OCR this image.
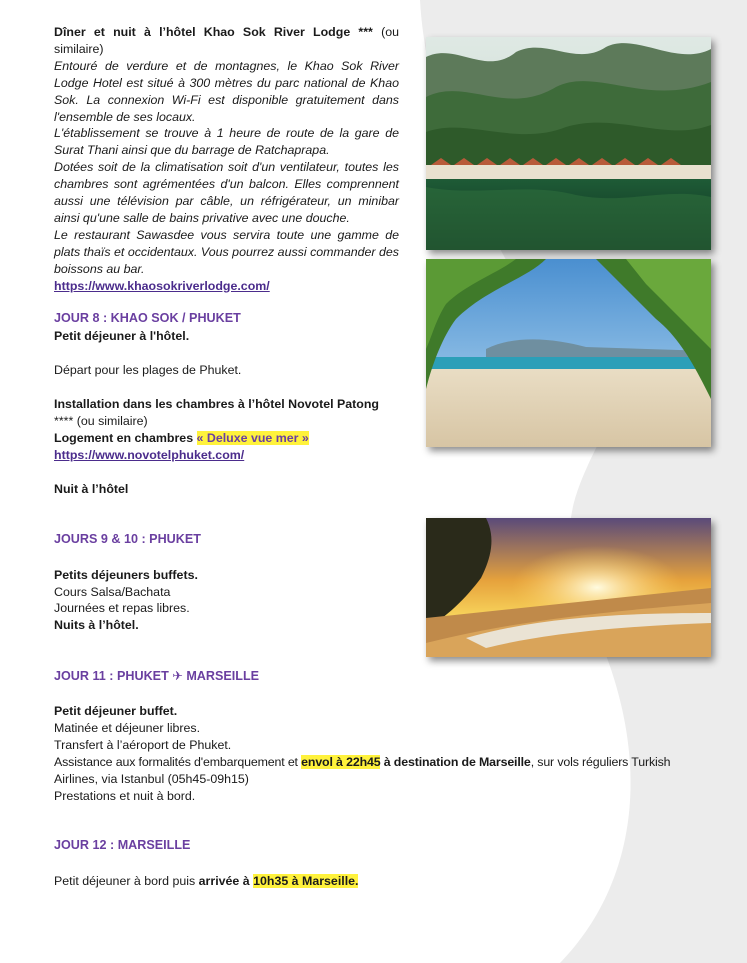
Dîner et nuit à l’hôtel Khao Sok River Lodge *** (ou similaire)
Entouré de verdure et de montagnes, le Khao Sok River Lodge Hotel est situé à 300 mètres du parc national de Khao Sok. La connexion Wi-Fi est disponible gratuitement dans l'ensemble de ses locaux.
L'établissement se trouve à 1 heure de route de la gare de Surat Thani ainsi que du barrage de Ratchaprapa.
Dotées soit de la climatisation soit d'un ventilateur, toutes les chambres sont agrémentées d'un balcon. Elles comprennent aussi une télévision par câble, un réfrigérateur, un minibar ainsi qu'une salle de bains privative avec une douche.
Le restaurant Sawasdee vous servira toute une gamme de plats thaïs et occidentaux. Vous pourrez aussi commander des boissons au bar.
https://www.khaosokriverlodge.com/
JOUR 8 : KHAO SOK / PHUKET
Petit déjeuner à l'hôtel.
Départ pour les plages de Phuket.
Installation dans les chambres à l’hôtel Novotel Patong
**** (ou similaire)
Logement en chambres « Deluxe vue mer »
https://www.novotelphuket.com/
Nuit à l’hôtel
JOURS 9 & 10 : PHUKET
Petits déjeuners buffets.
Cours Salsa/Bachata
Journées et repas libres.
Nuits à l’hôtel.
JOUR 11 : PHUKET ✈ MARSEILLE
Petit déjeuner buffet.
Matinée et déjeuner libres.
Transfert à l’aéroport de Phuket.
Assistance aux formalités d'embarquement et envol à 22h45 à destination de Marseille, sur vols réguliers Turkish
Airlines, via Istanbul (05h45-09h15)
Prestations et nuit à bord.
JOUR 12 : MARSEILLE
Petit déjeuner à bord puis arrivée à 10h35 à Marseille.
